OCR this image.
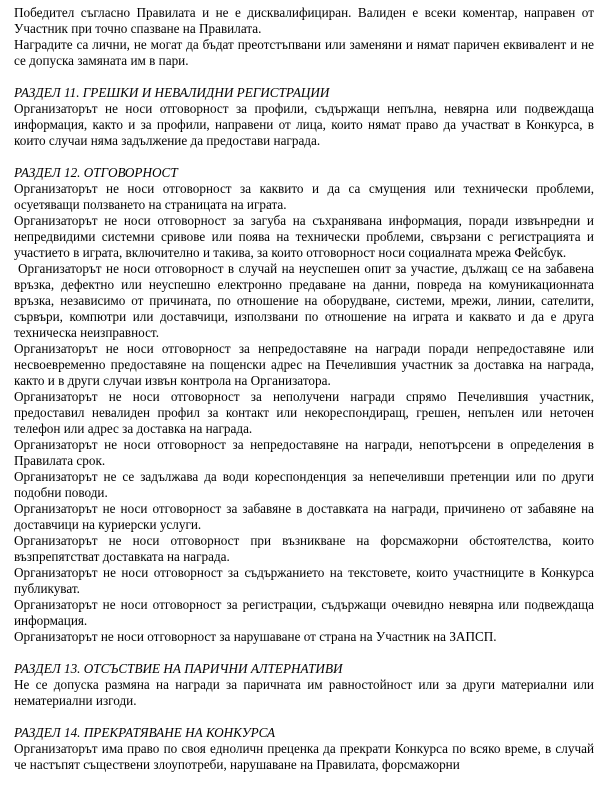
Победител съгласно Правилата и не е дисквалифициран. Валиден е всеки коментар, направен от Участник при точно спазване на Правилата.

Наградите са лични, не могат да бъдат преотстъпвани или заменяни и нямат паричен еквивалент и не се допуска замяната им в пари.

РАЗДЕЛ 11. ГРЕШКИ И НЕВАЛИДНИ РЕГИСТРАЦИИ

Организаторът не носи отговорност за профили, съдържащи непълна, невярна или подвеждаща информация, както и за профили, направени от лица, които нямат право да участват в Конкурса, в които случаи няма задължение да предостави награда.

РАЗДЕЛ 12. ОТГОВОРНОСТ

Организаторът не носи отговорност за каквито и да са смущения или технически проблеми, осуетяващи ползването на страницата на играта.

Организаторът не носи отговорност за загуба на съхранявана информация, поради извънредни и непредвидими системни сривове или поява на технически проблеми, свързани с регистрацията и участието в играта, включително и такива, за които отговорност носи социалната мрежа Фейсбук.

Организаторът не носи отговорност в случай на неуспешен опит за участие, дължащ се на забавена връзка, дефектно или неуспешно електронно предаване на данни, повреда на комуникационната връзка, независимо от причината, по отношение на оборудване, системи, мрежи, линии, сателити, сървъри, компютри или доставчици, използвани по отношение на играта и каквато и да е друга техническа неизправност.

Организаторът не носи отговорност за непредоставяне на награди поради непредоставяне или несвоевременно предоставяне на пощенски адрес на Печелившия участник за доставка на награда, както и в други случаи извън контрола на Организатора.

Организаторът не носи отговорност за неполучени награди спрямо Печелившия участник, предоставил невалиден профил за контакт или некореспондиращ, грешен, непълен или неточен телефон или адрес за доставка на награда.

Организаторът не носи отговорност за непредоставяне на награди, непотърсени в определения в Правилата срок.

Организаторът не се задължава да води кореспонденция за непечеливши претенции или по други подобни поводи.

Организаторът не носи отговорност за забавяне в доставката на награди, причинено от забавяне на доставчици на куриерски услуги.

Организаторът не носи отговорност при възникване на форсмажорни обстоятелства, които възпрепятстват доставката на награда.

Организаторът не носи отговорност за съдържанието на текстовете, които участниците в Конкурса публикуват.

Организаторът не носи отговорност за регистрации, съдържащи очевидно невярна или подвеждаща информация.

Организаторът не носи отговорност за нарушаване от страна на Участник на ЗАПСП.

РАЗДЕЛ 13. ОТСЪСТВИЕ НА ПАРИЧНИ АЛТЕРНАТИВИ

Не се допуска размяна на награди за паричната им равностойност или за други материални или нематериални изгоди.

РАЗДЕЛ 14. ПРЕКРАТЯВАНЕ НА КОНКУРСА

Организаторът има право по своя едноличн преценка да прекрати Конкурса по всяко време, в случай че настъпят съществени злоупотреби, нарушаване на Правилата, форсмажорни
